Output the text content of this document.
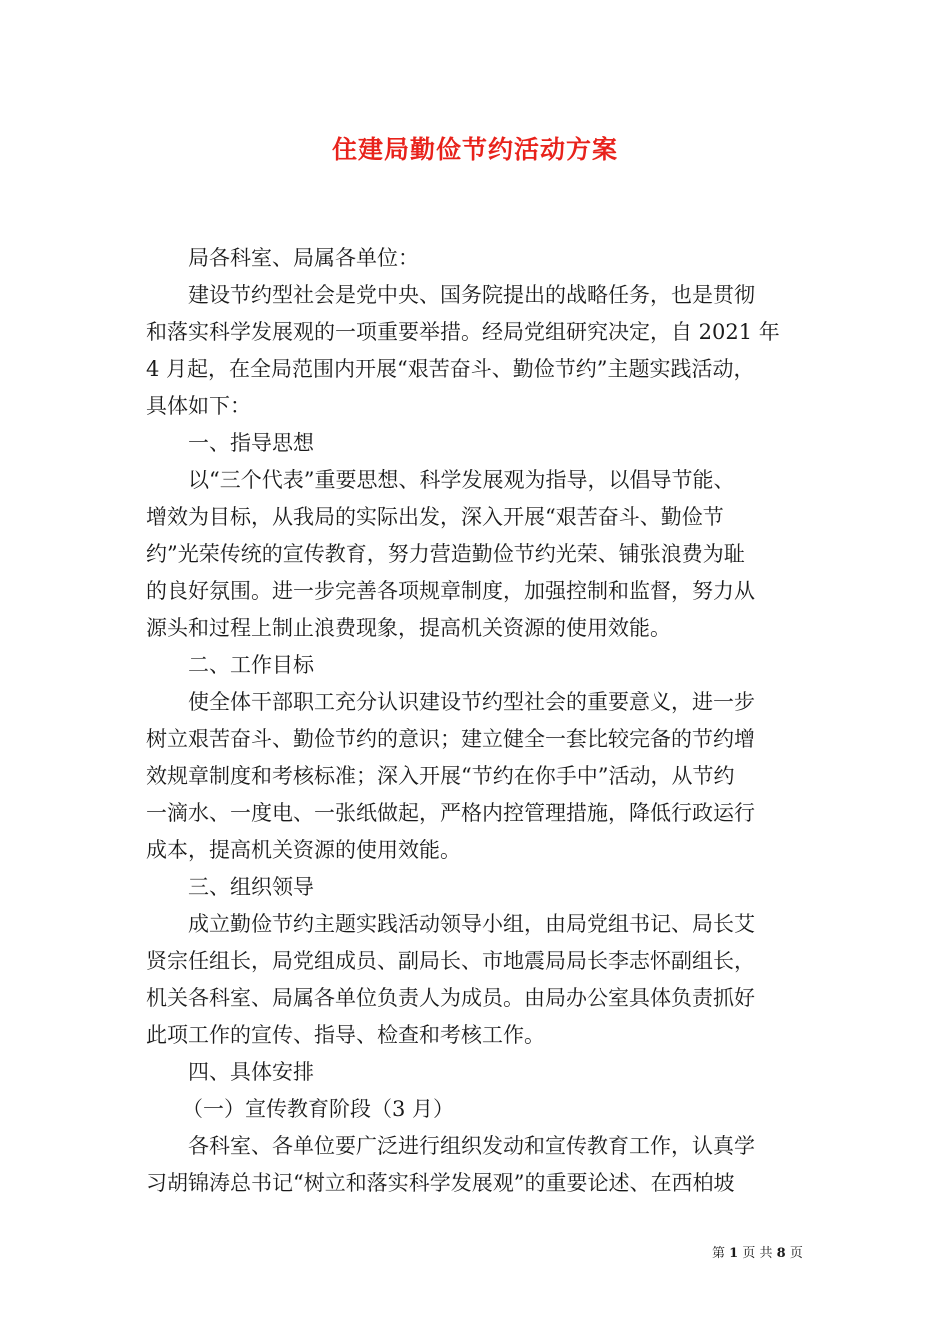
住建局勤俭节约活动方案
局各科室、局属各单位：
建设节约型社会是党中央、国务院提出的战略任务，也是贯彻
和落实科学发展观的一项重要举措。经局党组研究决定，自 2021 年
4 月起，在全局范围内开展“艰苦奋斗、勤俭节约”主题实践活动，
具体如下：
一、指导思想
以“三个代表”重要思想、科学发展观为指导，以倡导节能、
增效为目标，从我局的实际出发，深入开展“艰苦奋斗、勤俭节
约”光荣传统的宣传教育，努力营造勤俭节约光荣、铺张浪费为耻
的良好氛围。进一步完善各项规章制度，加强控制和监督，努力从
源头和过程上制止浪费现象，提高机关资源的使用效能。
二、工作目标
使全体干部职工充分认识建设节约型社会的重要意义，进一步
树立艰苦奋斗、勤俭节约的意识；建立健全一套比较完备的节约增
效规章制度和考核标准；深入开展“节约在你手中”活动，从节约
一滴水、一度电、一张纸做起，严格内控管理措施，降低行政运行
成本，提高机关资源的使用效能。
三、组织领导
成立勤俭节约主题实践活动领导小组，由局党组书记、局长艾
贤宗任组长，局党组成员、副局长、市地震局局长李志怀副组长，
机关各科室、局属各单位负责人为成员。由局办公室具体负责抓好
此项工作的宣传、指导、检查和考核工作。
四、具体安排
（一）宣传教育阶段（3 月）
各科室、各单位要广泛进行组织发动和宣传教育工作，认真学
习胡锦涛总书记“树立和落实科学发展观”的重要论述、在西柏坡
第 1 页 共 8 页
